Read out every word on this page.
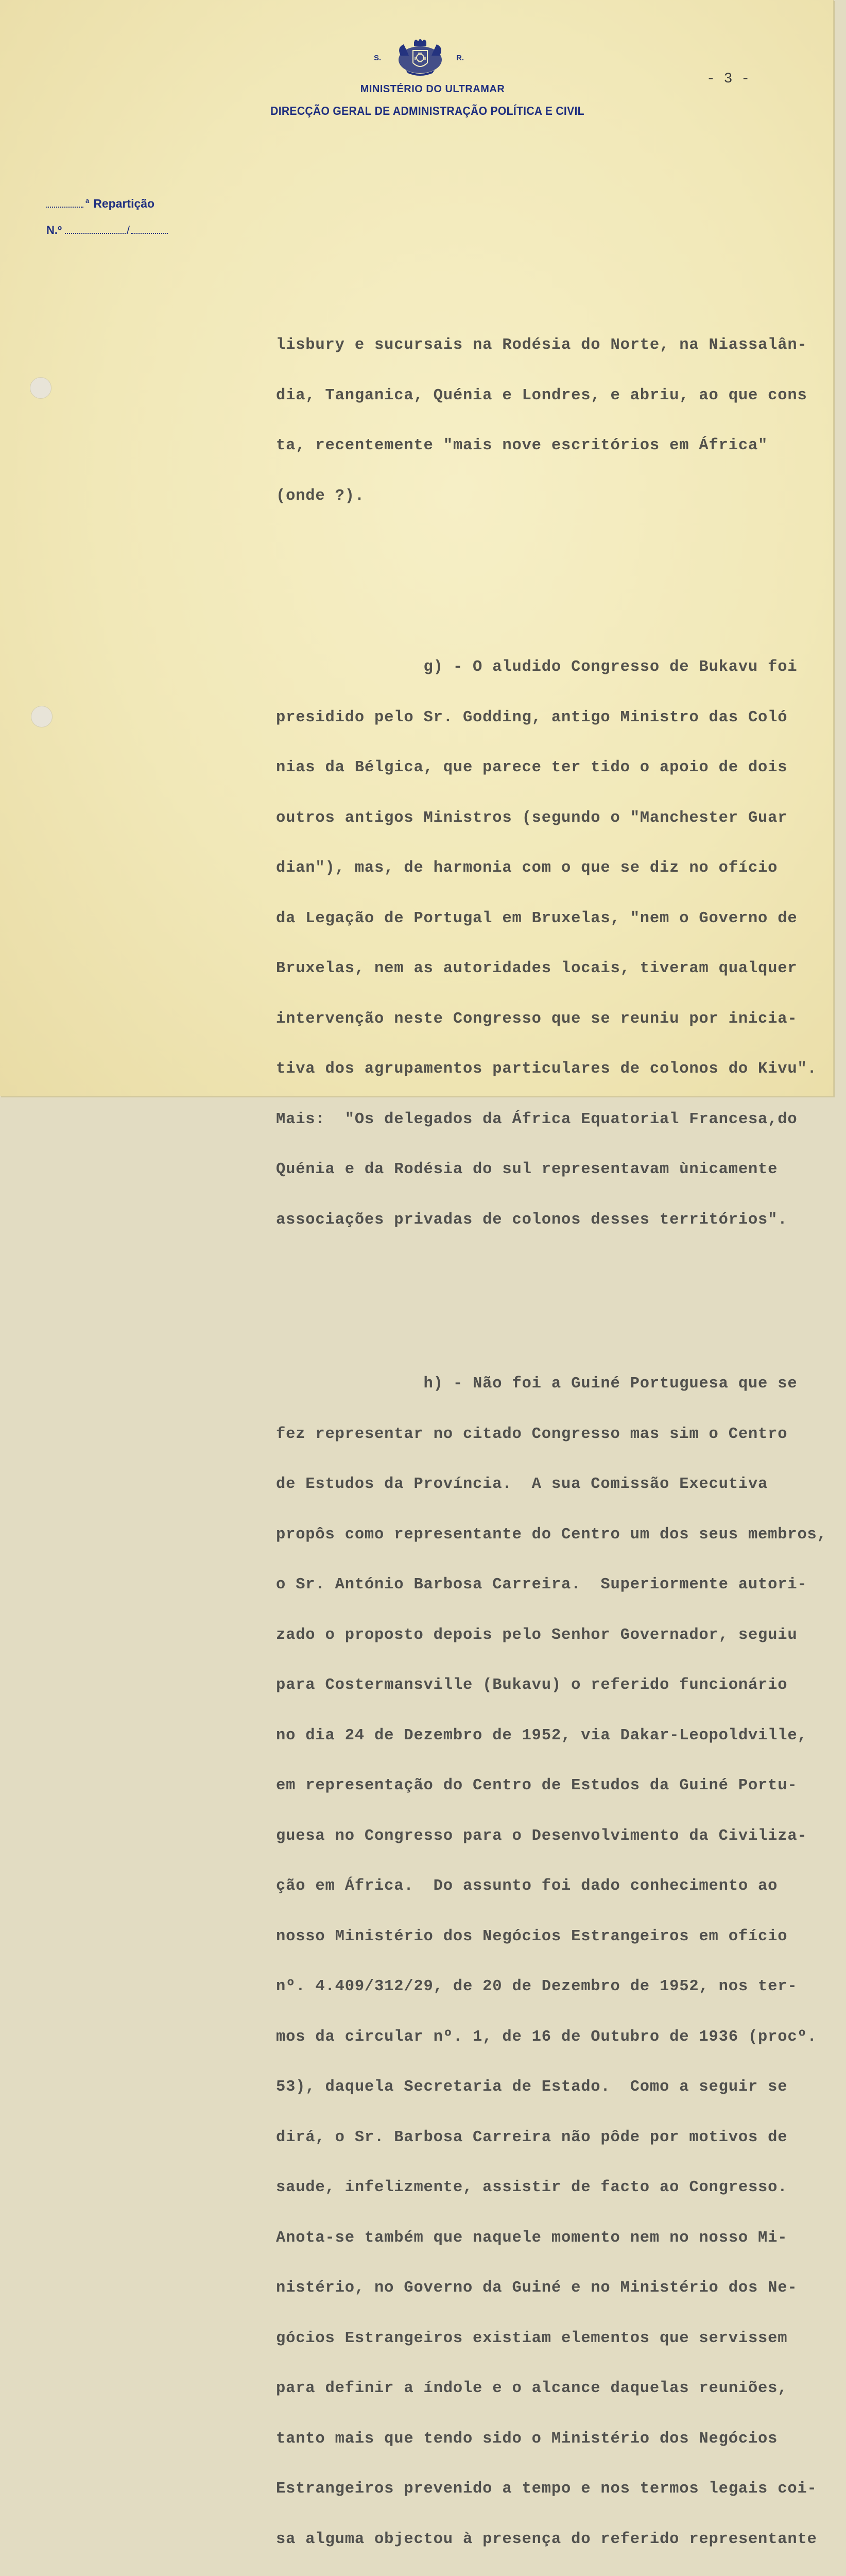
S.	R.
MINISTÉRIO DO ULTRAMAR
DIRECÇÃO GERAL DE ADMINISTRAÇÃO POLÍTICA E CIVIL
- 3 -
$^a$ Repartição
N.º	/

lisbury e sucursais na Rodésia do Norte, na Niassalân-

dia, Tanganica, Quénia e Londres, e abriu, ao que cons

ta, recentemente "mais nove escritórios em África"

(onde ?).

g) - O aludido Congresso de Bukavu foi

presidido pelo Sr. Godding, antigo Ministro das Coló

nias da Bélgica, que parece ter tido o apoio de dois

outros antigos Ministros (segundo o "Manchester Guar

dian"), mas, de harmonia com o que se diz no ofício

da Legação de Portugal em Bruxelas, "nem o Governo de

Bruxelas, nem as autoridades locais, tiveram qualquer

intervenção neste Congresso que se reuniu por inicia-

tiva dos agrupamentos particulares de colonos do Kivu".

Mais:  "Os delegados da África Equatorial Francesa,do

Quénia e da Rodésia do sul representavam ùnicamente

associações privadas de colonos desses territórios".

h) - Não foi a Guiné Portuguesa que se

fez representar no citado Congresso mas sim o Centro

de Estudos da Província.  A sua Comissão Executiva

propôs como representante do Centro um dos seus membros,

o Sr. António Barbosa Carreira.  Superiormente autori-

zado o proposto depois pelo Senhor Governador, seguiu

para Costermansville (Bukavu) o referido funcionário

no dia 24 de Dezembro de 1952, via Dakar-Leopoldville,

em representação do Centro de Estudos da Guiné Portu-

guesa no Congresso para o Desenvolvimento da Civiliza-

ção em África.  Do assunto foi dado conhecimento ao

nosso Ministério dos Negócios Estrangeiros em ofício

nº. 4.409/312/29, de 20 de Dezembro de 1952, nos ter-

mos da circular nº. 1, de 16 de Outubro de 1936 (procº.

53), daquela Secretaria de Estado.  Como a seguir se

dirá, o Sr. Barbosa Carreira não pôde por motivos de

saude, infelizmente, assistir de facto ao Congresso.

Anota-se também que naquele momento nem no nosso Mi-

nistério, no Governo da Guiné e no Ministério dos Ne-

gócios Estrangeiros existiam elementos que servissem

para definir a índole e o alcance daquelas reuniões,

tanto mais que tendo sido o Ministério dos Negócios

Estrangeiros prevenido a tempo e nos termos legais coi-

sa alguma objectou à presença do referido representante
